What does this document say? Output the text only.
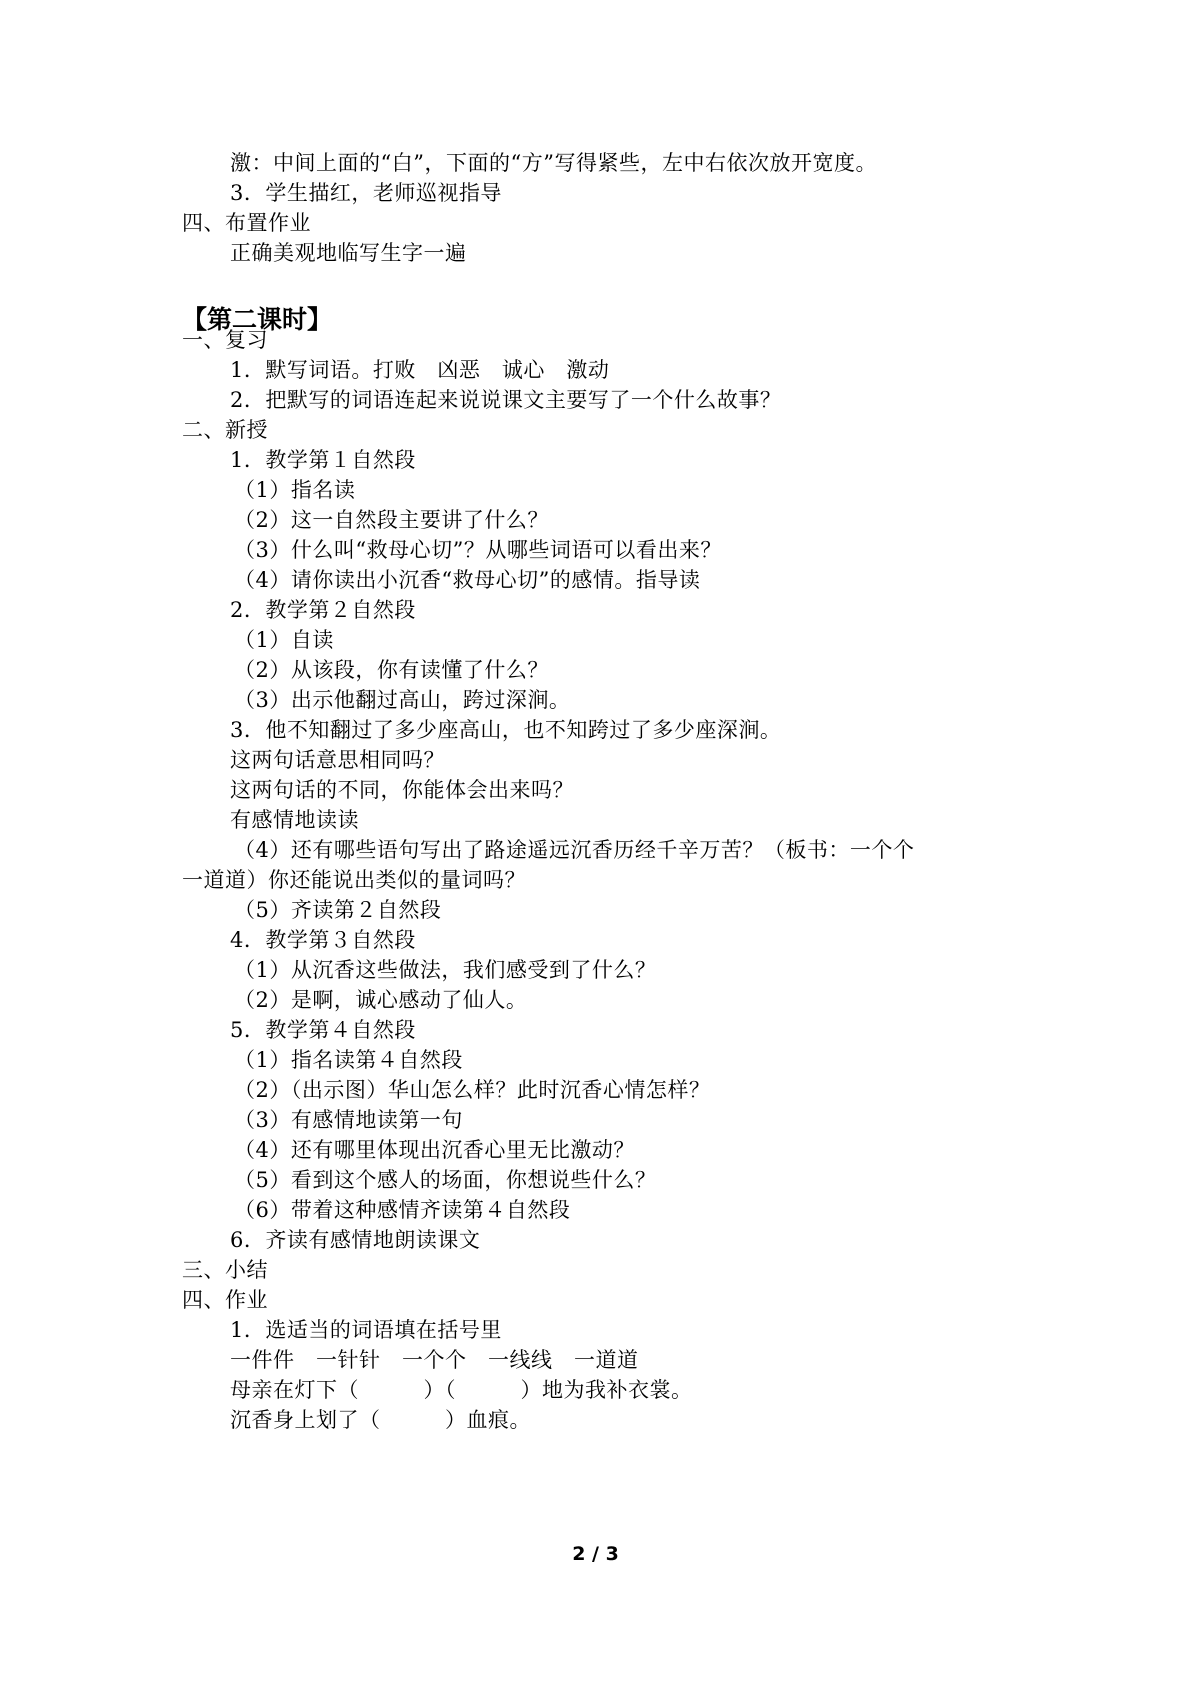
激：中间上面的“白”，下面的“方”写得紧些，左中右依次放开宽度。
3．学生描红，老师巡视指导
四、布置作业
正确美观地临写生字一遍
【第二课时】
一、复习
1．默写词语。打败　凶恶　诚心　激动
2．把默写的词语连起来说说课文主要写了一个什么故事？
二、新授
1．教学第１自然段
（1）指名读
（2）这一自然段主要讲了什么？
（3）什么叫“救母心切”？从哪些词语可以看出来？
（4）请你读出小沉香“救母心切”的感情。指导读
2．教学第２自然段
（1）自读
（2）从该段，你有读懂了什么？
（3）出示他翻过高山，跨过深涧。
3．他不知翻过了多少座高山，也不知跨过了多少座深涧。
这两句话意思相同吗？
这两句话的不同，你能体会出来吗？
有感情地读读
（4）还有哪些语句写出了路途遥远沉香历经千辛万苦？（板书：一个个
一道道）你还能说出类似的量词吗？
（5）齐读第２自然段
4．教学第３自然段
（1）从沉香这些做法，我们感受到了什么？
（2）是啊，诚心感动了仙人。
5．教学第４自然段
（1）指名读第４自然段
（2）（出示图）华山怎么样？此时沉香心情怎样？
（3）有感情地读第一句
（4）还有哪里体现出沉香心里无比激动？
（5）看到这个感人的场面，你想说些什么？
（6）带着这种感情齐读第４自然段
6．齐读有感情地朗读课文
三、小结
四、作业
1．选适当的词语填在括号里
一件件　一针针　一个个　一线线　一道道
母亲在灯下（　　　）（　　　）地为我补衣裳。
沉香身上划了（　　　）血痕。
2 / 3
